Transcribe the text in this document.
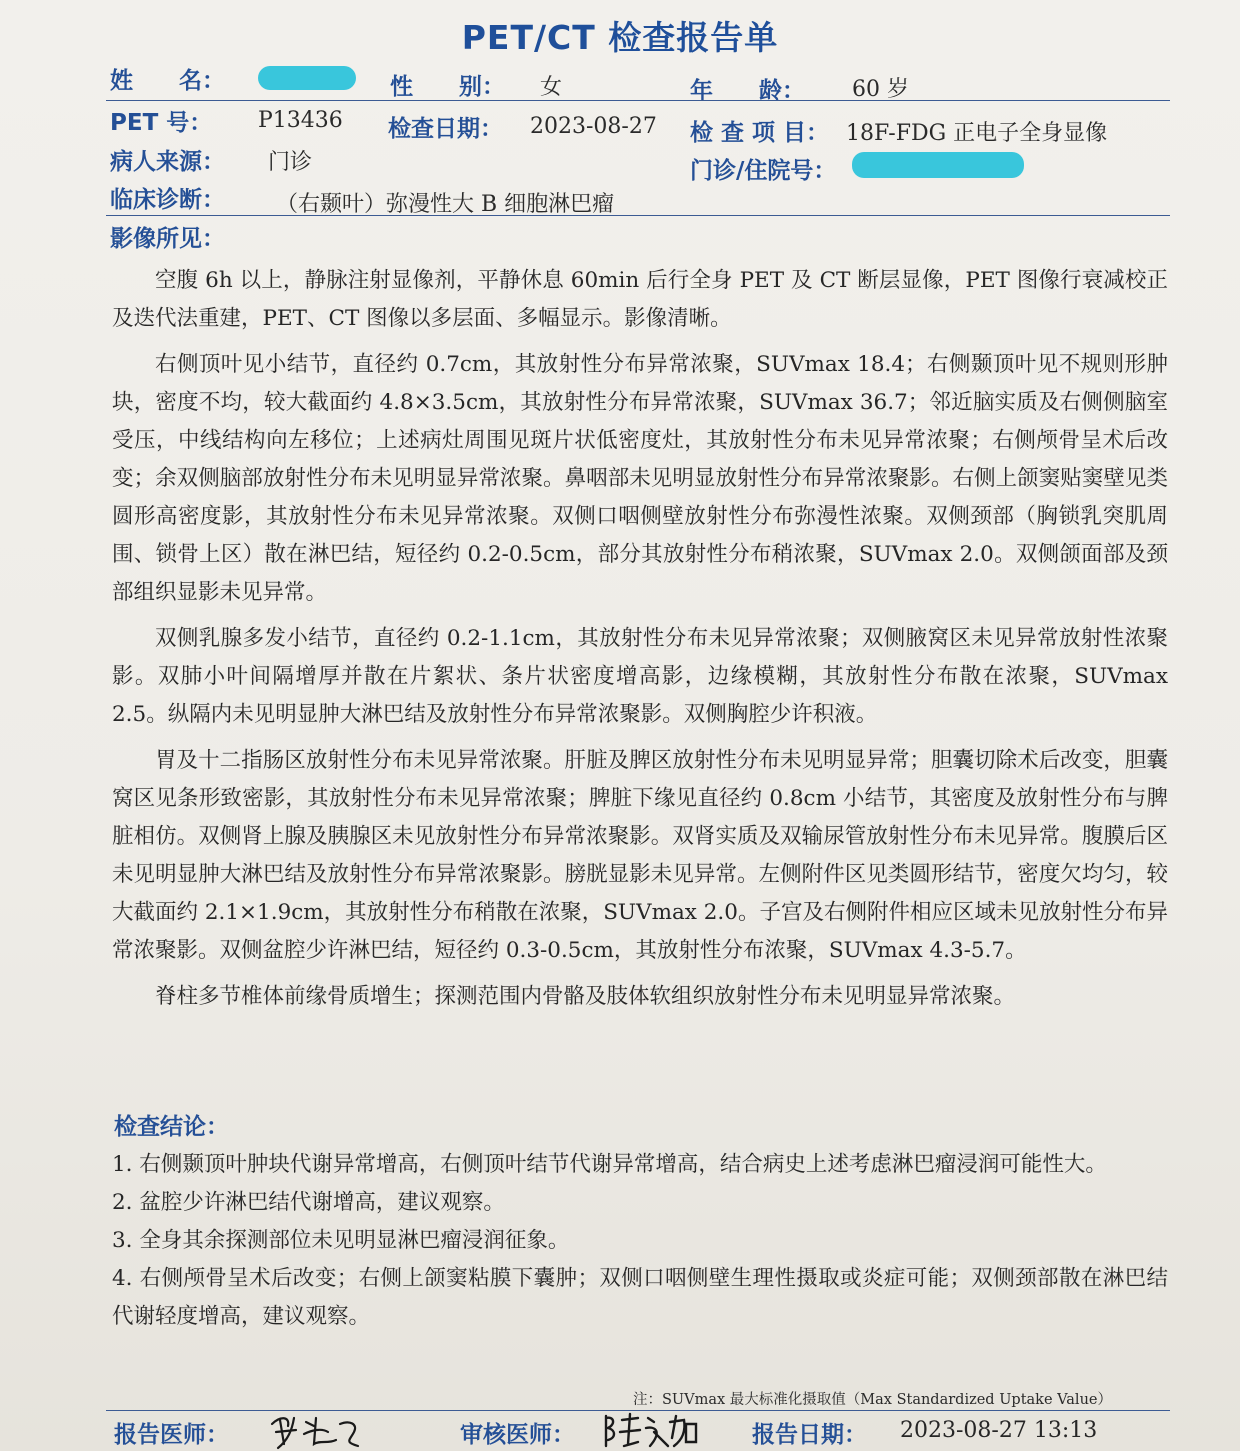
PET/CT 检查报告单
姓　　名：	性　　别： 女	年　　龄： 60 岁
PET 号： P13436 检查日期： 2023-08-27 检 查 项 目： 18F-FDG 正电子全身显像
病人来源： 门诊	门诊/住院号：
临床诊断： （右颞叶）弥漫性大 B 细胞淋巴瘤
影像所见：

空腹 6h 以上，静脉注射显像剂，平静休息 60min 后行全身 PET 及 CT 断层显像，PET 图像行衰减校正及迭代法重建，PET、CT 图像以多层面、多幅显示。影像清晰。

右侧顶叶见小结节，直径约 0.7cm，其放射性分布异常浓聚，SUVmax 18.4；右侧颞顶叶见不规则形肿块，密度不均，较大截面约 4.8×3.5cm，其放射性分布异常浓聚，SUVmax 36.7；邻近脑实质及右侧侧脑室受压，中线结构向左移位；上述病灶周围见斑片状低密度灶，其放射性分布未见异常浓聚；右侧颅骨呈术后改变；余双侧脑部放射性分布未见明显异常浓聚。鼻咽部未见明显放射性分布异常浓聚影。右侧上颌窦贴窦壁见类圆形高密度影，其放射性分布未见异常浓聚。双侧口咽侧壁放射性分布弥漫性浓聚。双侧颈部（胸锁乳突肌周围、锁骨上区）散在淋巴结，短径约 0.2-0.5cm，部分其放射性分布稍浓聚，SUVmax 2.0。双侧颌面部及颈部组织显影未见异常。

双侧乳腺多发小结节，直径约 0.2-1.1cm，其放射性分布未见异常浓聚；双侧腋窝区未见异常放射性浓聚影。双肺小叶间隔增厚并散在片絮状、条片状密度增高影，边缘模糊，其放射性分布散在浓聚，SUVmax 2.5。纵隔内未见明显肿大淋巴结及放射性分布异常浓聚影。双侧胸腔少许积液。

胃及十二指肠区放射性分布未见异常浓聚。肝脏及脾区放射性分布未见明显异常；胆囊切除术后改变，胆囊窝区见条形致密影，其放射性分布未见异常浓聚；脾脏下缘见直径约 0.8cm 小结节，其密度及放射性分布与脾脏相仿。双侧肾上腺及胰腺区未见放射性分布异常浓聚影。双肾实质及双输尿管放射性分布未见异常。腹膜后区未见明显肿大淋巴结及放射性分布异常浓聚影。膀胱显影未见异常。左侧附件区见类圆形结节，密度欠均匀，较大截面约 2.1×1.9cm，其放射性分布稍散在浓聚，SUVmax 2.0。子宫及右侧附件相应区域未见放射性分布异常浓聚影。双侧盆腔少许淋巴结，短径约 0.3-0.5cm，其放射性分布浓聚，SUVmax 4.3-5.7。

脊柱多节椎体前缘骨质增生；探测范围内骨骼及肢体软组织放射性分布未见明显异常浓聚。

检查结论：

1. 右侧颞顶叶肿块代谢异常增高，右侧顶叶结节代谢异常增高，结合病史上述考虑淋巴瘤浸润可能性大。

2. 盆腔少许淋巴结代谢增高，建议观察。

3. 全身其余探测部位未见明显淋巴瘤浸润征象。

4. 右侧颅骨呈术后改变；右侧上颌窦粘膜下囊肿；双侧口咽侧壁生理性摄取或炎症可能；双侧颈部散在淋巴结代谢轻度增高，建议观察。

注：SUVmax 最大标准化摄取值（Max Standardized Uptake Value）
报告医师：	审核医师：	报告日期： 2023-08-27 13:13
